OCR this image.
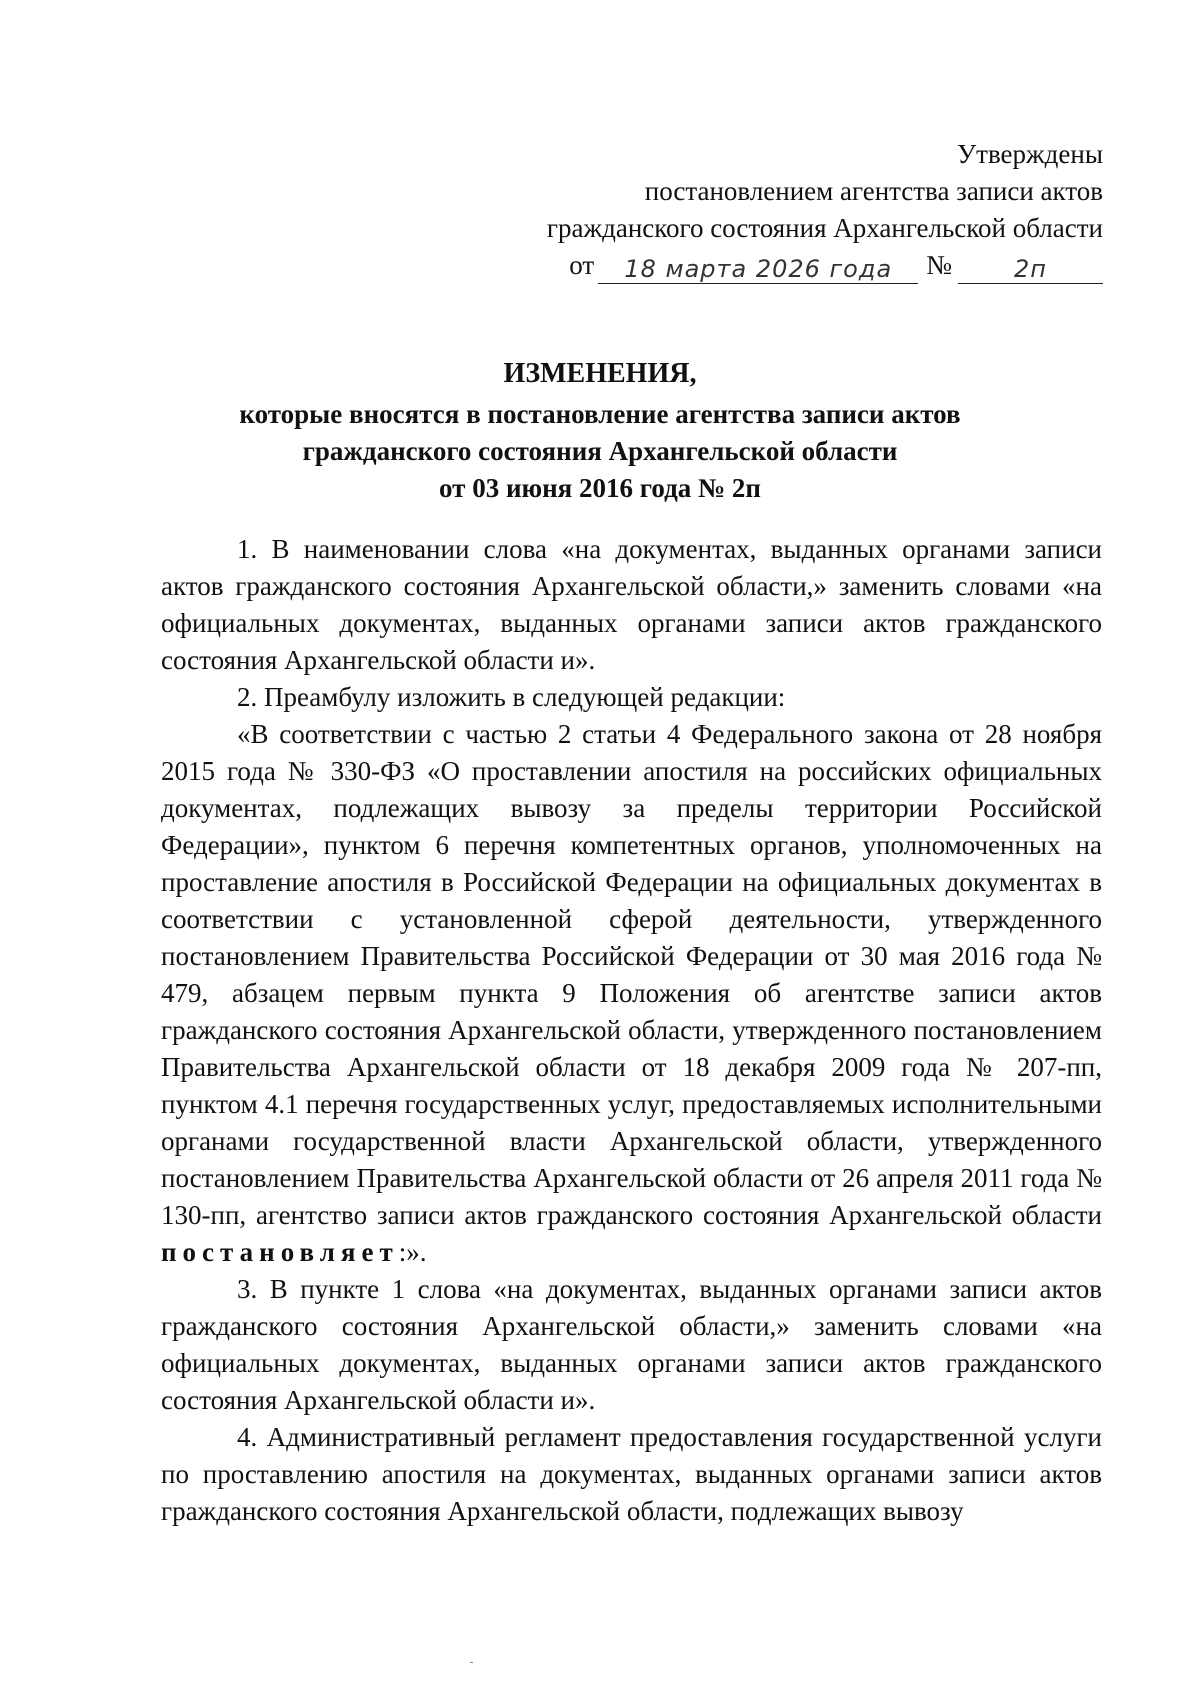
Утверждены
постановлением агентства записи актов
гражданского состояния Архангельской области
от	18 марта 2026 года	№	2п
ИЗМЕНЕНИЯ,
которые вносятся в постановление агентства записи актов
гражданского состояния Архангельской области
от 03 июня 2016 года № 2п

1. В наименовании слова «на документах, выданных органами записи актов гражданского состояния Архангельской области,» заменить словами «на официальных документах, выданных органами записи актов гражданского состояния Архангельской области и».

2. Преамбулу изложить в следующей редакции:

«В соответствии с частью 2 статьи 4 Федерального закона от 28 ноября 2015 года № 330-ФЗ «О проставлении апостиля на российских официальных документах, подлежащих вывозу за пределы территории Российской Федерации», пунктом 6 перечня компетентных органов, уполномоченных на проставление апостиля в Российской Федерации на официальных документах в соответствии с установленной сферой деятельности, утвержденного постановлением Правительства Российской Федерации от 30 мая 2016 года № 479, абзацем первым пункта 9 Положения об агентстве записи актов гражданского состояния Архангельской области, утвержденного постановлением Правительства Архангельской области от 18 декабря 2009 года № 207-пп, пунктом 4.1 перечня государственных услуг, предоставляемых исполнительными органами государственной власти Архангельской области, утвержденного постановлением Правительства Архангельской области от 26 апреля 2011 года № 130-пп, агентство записи актов гражданского состояния Архангельской области постановляет:».

3. В пункте 1 слова «на документах, выданных органами записи актов гражданского состояния Архангельской области,» заменить словами «на официальных документах, выданных органами записи актов гражданского состояния Архангельской области и».

4. Административный регламент предоставления государственной услуги по проставлению апостиля на документах, выданных органами записи актов гражданского состояния Архангельской области, подлежащих вывозу
